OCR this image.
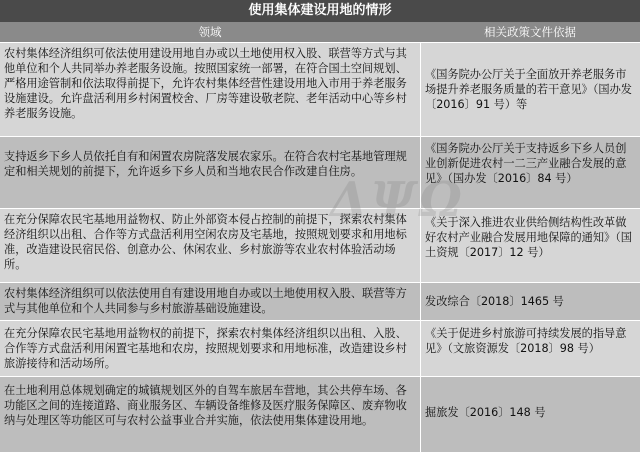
使用集体建设用地的情形
领域	相关政策文件依据
农村集体经济组织可依法使用建设用地自办或以土地使用权入股、联营等方式与其他单位和个人共同举办养老服务设施。按照国家统一部署，在符合国土空间规划、严格用途管制和依法取得前提下，允许农村集体经营性建设用地入市用于养老服务设施建设。允许盘活利用乡村闲置校舍、厂房等建设敬老院、老年活动中心等乡村养老服务设施。
《国务院办公厅关于全面放开养老服务市场提升养老服务质量的若干意见》（国办发〔2016〕91 号）等
支持返乡下乡人员依托自有和闲置农房院落发展农家乐。在符合农村宅基地管理规定和相关规划的前提下，允许返乡下乡人员和当地农民合作改建自住房。
《国务院办公厅关于支持返乡下乡人员创业创新促进农村一二三产业融合发展的意见》（国办发〔2016〕84 号）
在充分保障农民宅基地用益物权、防止外部资本侵占控制的前提下，探索农村集体经济组织以出租、合作等方式盘活利用空闲农房及宅基地，按照规划要求和用地标准，改造建设民宿民俗、创意办公、休闲农业、乡村旅游等农业农村体验活动场所。
《关于深入推进农业供给侧结构性改革做好农村产业融合发展用地保障的通知》（国土资规〔2017〕12 号）
农村集体经济组织可以依法使用自有建设用地自办或以土地使用权入股、联营等方式与其他单位和个人共同参与乡村旅游基础设施建设。
发改综合〔2018〕1465 号
在充分保障农民宅基地用益物权的前提下，探索农村集体经济组织以出租、入股、合作等方式盘活利用闲置宅基地和农房，按照规划要求和用地标准，改造建设乡村旅游接待和活动场所。
《关于促进乡村旅游可持续发展的指导意见》（文旅资源发〔2018〕98 号）
在土地利用总体规划确定的城镇规划区外的自驾车旅居车营地，其公共停车场、各功能区之间的连接道路、商业服务区、车辆设备维修及医疗服务保障区、废弃物收纳与处理区等功能区可与农村公益事业合并实施，依法使用集体建设用地。
掘旅发〔2016〕148 号
ΔΨΩ
